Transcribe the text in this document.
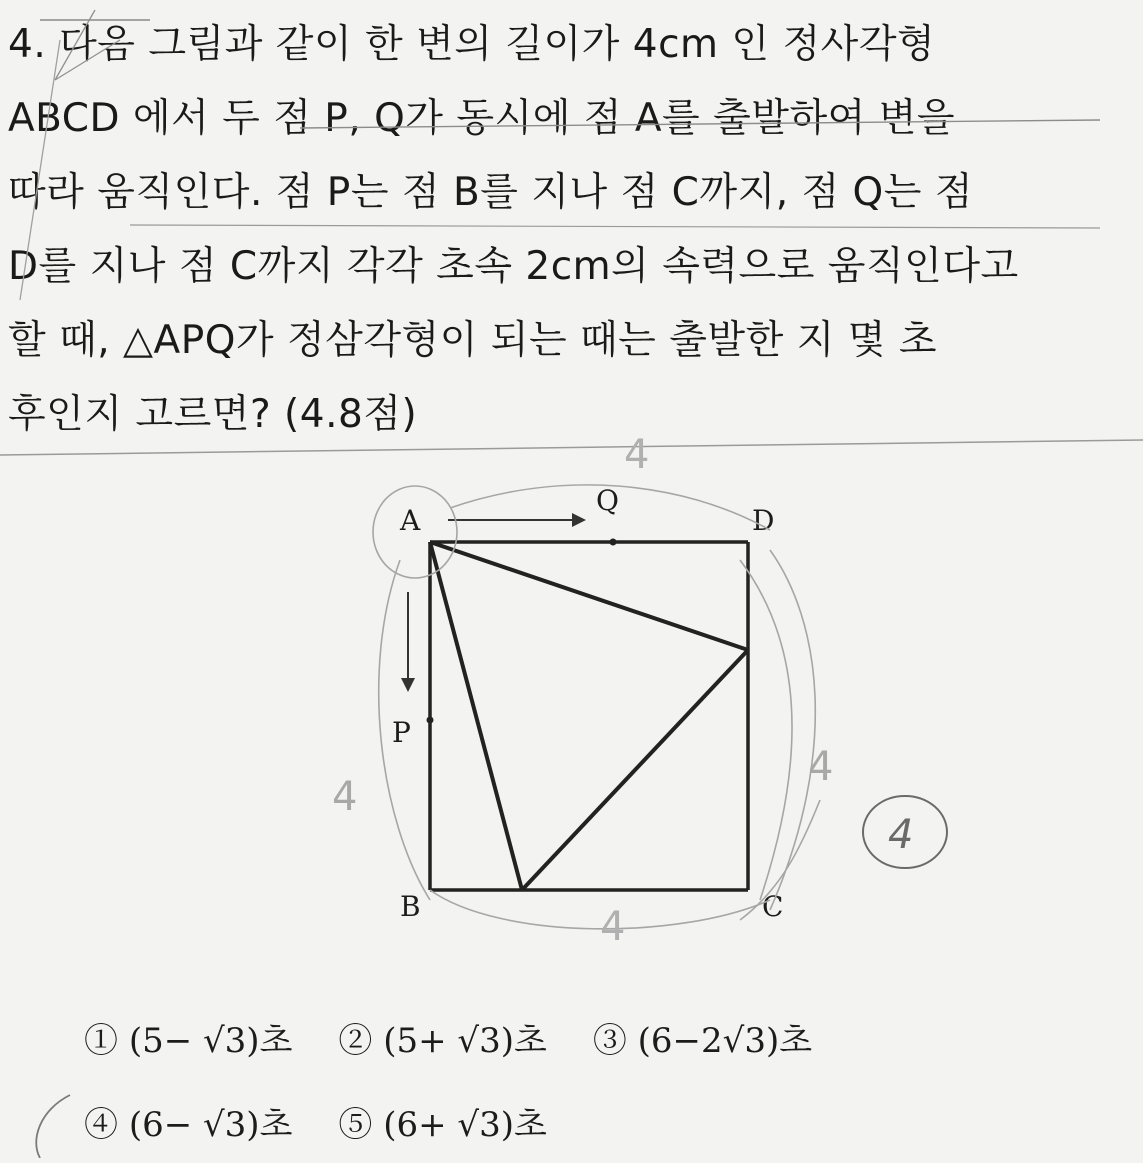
4. 다음 그림과 같이 한 변의 길이가 4cm 인 정사각형
ABCD 에서 두 점 P, Q가 동시에 점 A를 출발하여 변을
따라 움직인다. 점 P는 점 B를 지나 점 C까지, 점 Q는 점
D를 지나 점 C까지 각각 초속 2cm의 속력으로 움직인다고
할 때, △APQ가 정삼각형이 되는 때는 출발한 지 몇 초
후인지 고르면? (4.8점)
A	D
B	C
Q
P
4
4
4
4
4
① (5− √3)초 ② (5+ √3)초 ③ (6−2√3)초
④ (6− √3)초 ⑤ (6+ √3)초
